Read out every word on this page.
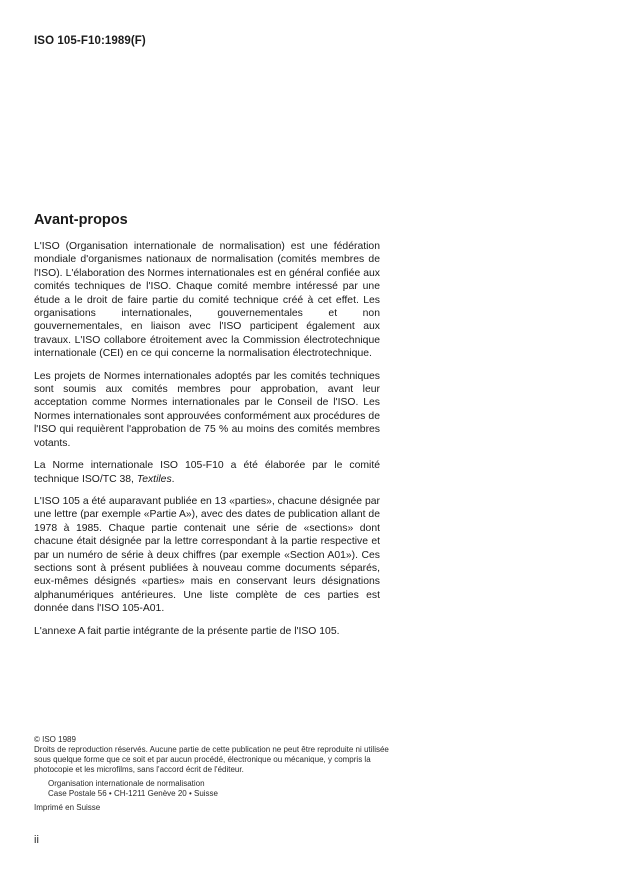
ISO 105-F10:1989(F)
Avant-propos

L'ISO (Organisation internationale de normalisation) est une fédération mondiale d'organismes nationaux de normalisation (comités membres de l'ISO). L'élaboration des Normes internationales est en général confiée aux comités techniques de l'ISO. Chaque comité membre intéressé par une étude a le droit de faire partie du comité technique créé à cet effet. Les organisations internationales, gouvernementales et non gouvernementales, en liaison avec l'ISO participent également aux travaux. L'ISO collabore étroitement avec la Commission électrotechnique internationale (CEI) en ce qui concerne la normalisation électrotechnique.

Les projets de Normes internationales adoptés par les comités techniques sont soumis aux comités membres pour approbation, avant leur acceptation comme Normes internationales par le Conseil de l'ISO. Les Normes internationales sont approuvées conformément aux procédures de l'ISO qui requièrent l'approbation de 75 % au moins des comités membres votants.

La Norme internationale ISO 105-F10 a été élaborée par le comité technique ISO/TC 38, Textiles.

L'ISO 105 a été auparavant publiée en 13 «parties», chacune désignée par une lettre (par exemple «Partie A»), avec des dates de publication allant de 1978 à 1985. Chaque partie contenait une série de «sections» dont chacune était désignée par la lettre correspondant à la partie respective et par un numéro de série à deux chiffres (par exemple «Section A01»). Ces sections sont à présent publiées à nouveau comme documents séparés, eux-mêmes désignés «parties» mais en conservant leurs désignations alphanumériques antérieures. Une liste complète de ces parties est donnée dans l'ISO 105-A01.

L'annexe A fait partie intégrante de la présente partie de l'ISO 105.

© ISO 1989
Droits de reproduction réservés. Aucune partie de cette publication ne peut être reproduite ni utilisée sous quelque forme que ce soit et par aucun procédé, électronique ou mécanique, y compris la photocopie et les microfilms, sans l'accord écrit de l'éditeur.
Organisation internationale de normalisation
Case Postale 56 • CH-1211 Genève 20 • Suisse
Imprimé en Suisse
ii
